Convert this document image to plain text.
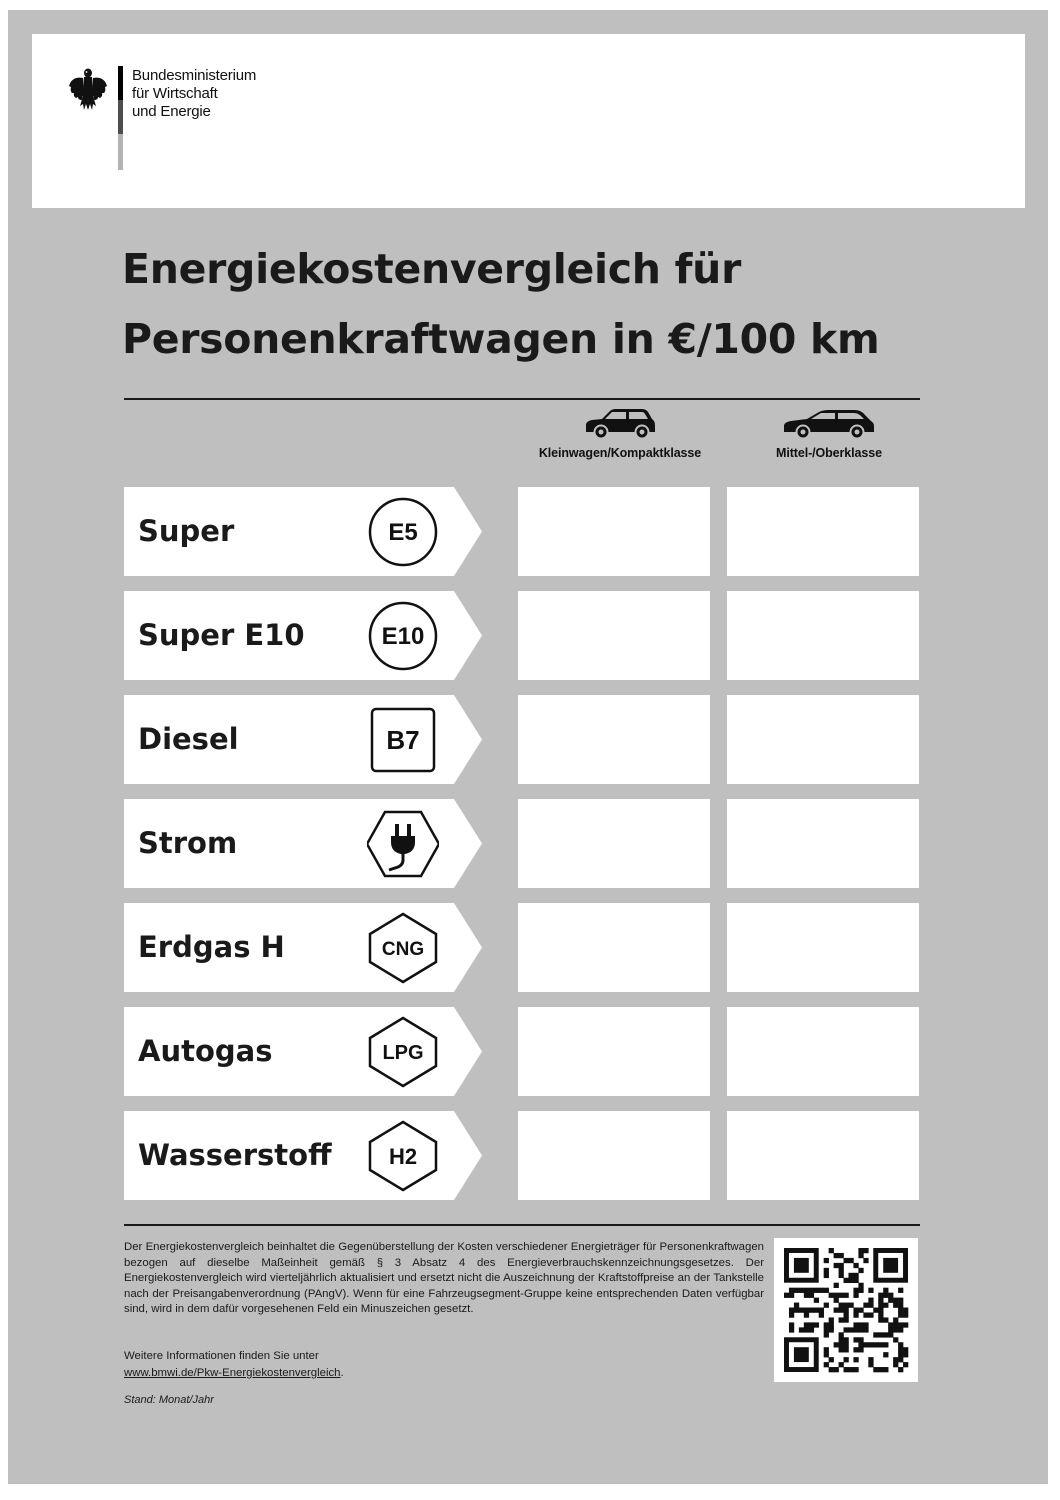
Bundesministerium
für Wirtschaft
und Energie
Energiekostenvergleich für
Personenkraftwagen in €/100 km
Kleinwagen/Kompaktklasse	Mittel-/Oberklasse
Super	E5
Super E10	E10
Diesel	B7
Strom
Erdgas H	CNG
Autogas	LPG
Wasserstoff	H2
Der Energiekostenvergleich beinhaltet die Gegenüberstellung der Kosten verschiedener Energieträger für Personenkraftwagen bezogen auf dieselbe Maßeinheit gemäß § 3 Absatz 4 des Energieverbrauchskennzeichnungsgesetzes. Der Energiekostenvergleich wird vierteljährlich aktualisiert und ersetzt nicht die Auszeichnung der Kraftstoffpreise an der Tankstelle nach der Preisangabenverordnung (PAngV). Wenn für eine Fahrzeugsegment-Gruppe keine entsprechenden Daten verfügbar sind, wird in dem dafür vorgesehenen Feld ein Minuszeichen gesetzt.
Weitere Informationen finden Sie unter
www.bmwi.de/Pkw-Energiekostenvergleich.
Stand: Monat/Jahr
